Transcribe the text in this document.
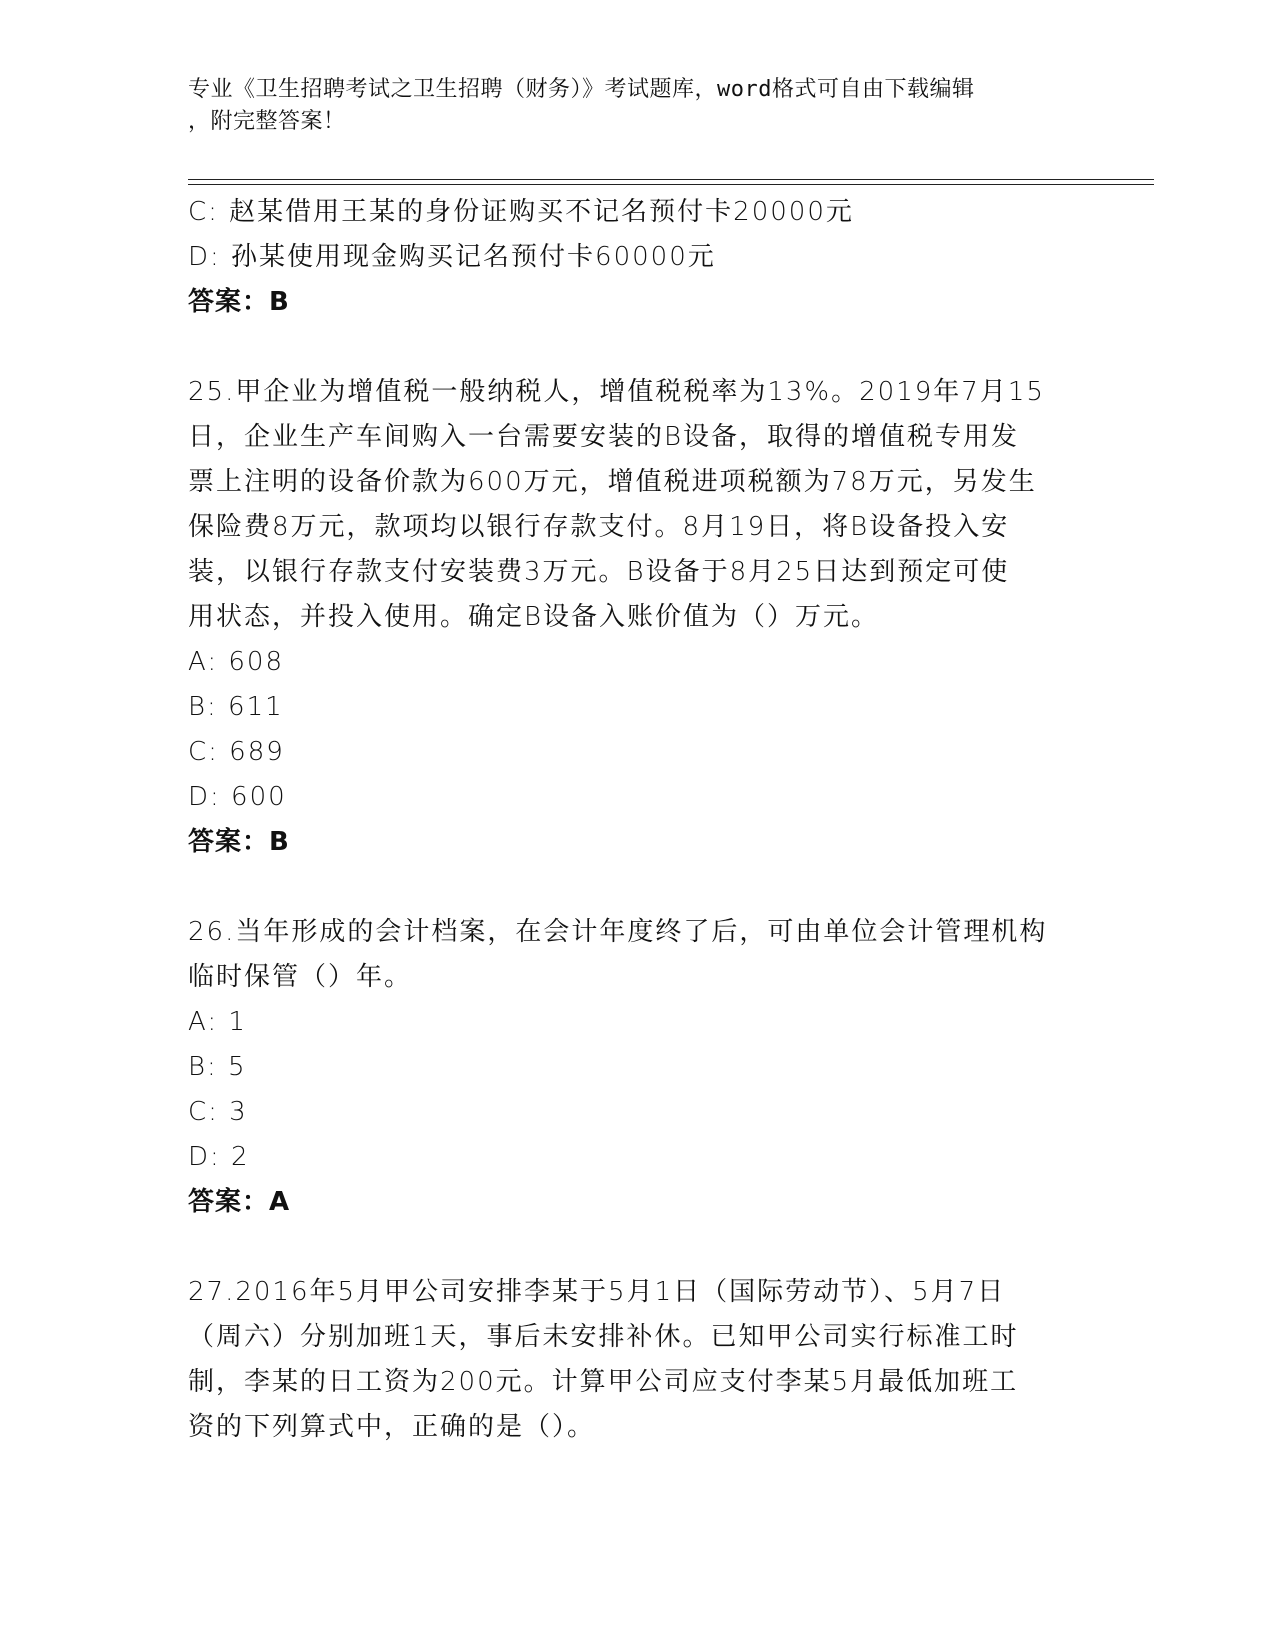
专业《卫生招聘考试之卫生招聘（财务）》考试题库，word格式可自由下载编辑
，附完整答案！
C: 赵某借用王某的身份证购买不记名预付卡20000元
D: 孙某使用现金购买记名预付卡60000元
答案：B
25.甲企业为增值税一般纳税人，增值税税率为13%。2019年7月15
日，企业生产车间购入一台需要安装的B设备，取得的增值税专用发
票上注明的设备价款为600万元，增值税进项税额为78万元，另发生
保险费8万元，款项均以银行存款支付。8月19日，将B设备投入安
装，以银行存款支付安装费3万元。B设备于8月25日达到预定可使
用状态，并投入使用。确定B设备入账价值为（）万元。
A: 608
B: 611
C: 689
D: 600
答案：B
26.当年形成的会计档案，在会计年度终了后，可由单位会计管理机构
临时保管（）年。
A: 1
B: 5
C: 3
D: 2
答案：A
27.2016年5月甲公司安排李某于5月1日（国际劳动节）、5月7日
（周六）分别加班1天，事后未安排补休。已知甲公司实行标准工时
制，李某的日工资为200元。计算甲公司应支付李某5月最低加班工
资的下列算式中，正确的是（）。
